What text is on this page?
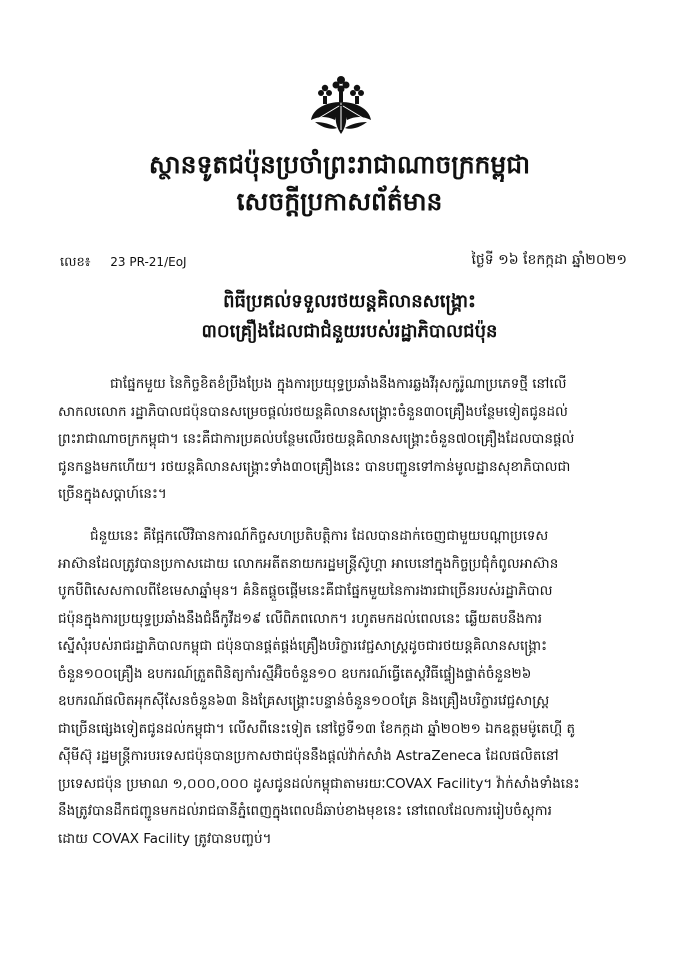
ស្ថានទូតជប៉ុនប្រចាំព្រះរាជាណាចក្រកម្ពុជា
សេចក្តីប្រកាសព័ត៌មាន
លេខ៖ 23 PR-21/EoJ	ថ្ងៃទី ១៦ ខែកក្កដា ឆ្នាំ២០២១
ពិធីប្រគល់ទទួលរថយន្តគិលានសង្គ្រោះ
៣០គ្រឿងដែលជាជំនួយរបស់រដ្ឋាភិបាលជប៉ុន
ជាផ្នែកមួយ នៃកិច្ចខិតខំប្រឹងប្រែង ក្នុងការប្រយុទ្ធប្រឆាំងនឹងការឆ្លងវីរុសកូរ៉ូណាប្រភេទថ្មី នៅលើ
សាកលលោក រដ្ឋាភិបាលជប៉ុនបានសម្រេចផ្តល់រថយន្តគិលានសង្គ្រោះចំនួន៣០គ្រឿងបន្ថែមទៀតជូនដល់
ព្រះរាជាណាចក្រកម្ពុជា។ នេះគឺជាការប្រគល់បន្ថែមលើរថយន្តគិលានសង្គ្រោះចំនួន៧០គ្រឿងដែលបានផ្តល់
ជូនកន្លងមកហើយ។ រថយន្តគិលានសង្គ្រោះទាំង៣០គ្រឿងនេះ បានបញ្ជូនទៅកាន់មូលដ្ឋានសុខាភិបាលជា
ច្រើនក្នុងសប្តាហ៍នេះ។
ជំនួយនេះ គឺផ្អែកលើវិធានការណ៍កិច្ចសហប្រតិបត្តិការ ដែលបានដាក់ចេញជាមួយបណ្តាប្រទេស
អាស៊ានដែលត្រូវបានប្រកាសដោយ លោកអតីតនាយករដ្ឋមន្ត្រីស៊ូហ្គា អាបេនៅក្នុងកិច្ចប្រជុំកំពូលអាស៊ាន
បូកបីពិសេសកាលពីខែមេសាឆ្នាំមុន។ គំនិតផ្តួចផ្តើមនេះគឺជាផ្នែកមួយនៃការងារជាច្រើនរបស់រដ្ឋាភិបាល
ជប៉ុនក្នុងការប្រយុទ្ធប្រឆាំងនឹងជំងឺកូវីដ១៩ លើពិភពលោក។ រហូតមកដល់ពេលនេះ ឆ្លើយតបនឹងការ
ស្នើសុំរបស់រាជរដ្ឋាភិបាលកម្ពុជា ជប៉ុនបានផ្គត់ផ្គង់គ្រឿងបរិក្ខារវេជ្ជសាស្ត្រដូចជារថយន្តគិលានសង្គ្រោះ
ចំនួន១០០គ្រឿង ឧបករណ៍ត្រួតពិនិត្យកាំរស្មីអ៊ិចចំនួន១០ ឧបករណ៍ធ្វើតេស្តវិធីផ្ទៀងផ្ទាត់ចំនួន២៦
ឧបករណ៍ផលិតអុកស៊ីសែនចំនួន៦៣ និងគ្រែសង្គ្រោះបន្ទាន់ចំនួន១០០គ្រែ និងគ្រឿងបរិក្ខារវេជ្ជសាស្ត្រ
ជាច្រើនផ្សេងទៀតជូនដល់កម្ពុជា។ លើសពីនេះទៀត នៅថ្ងៃទី១៣ ខែកក្កដា ឆ្នាំ២០២១ ឯកឧត្តមម៉ូតេហ្គី តូ
ស៊ីមីស៊ុ រដ្ឋមន្ត្រីការបរទេសជប៉ុនបានប្រកាសថាជប៉ុននឹងផ្តល់វ៉ាក់សាំង AstraZeneca ដែលផលិតនៅ
ប្រទេសជប៉ុន ប្រមាណ ១,០០០,០០០ ដូសជូនដល់កម្ពុជាតាមរយៈCOVAX Facility។ វ៉ាក់សាំងទាំងនេះ
នឹងត្រូវបានដឹកជញ្ជូនមកដល់រាជធានីភ្នំពេញក្នុងពេលដ៏ឆាប់ខាងមុខនេះ នៅពេលដែលការរៀបចំស្តុការ
ដោយ COVAX Facility ត្រូវបានបញ្ចប់។
